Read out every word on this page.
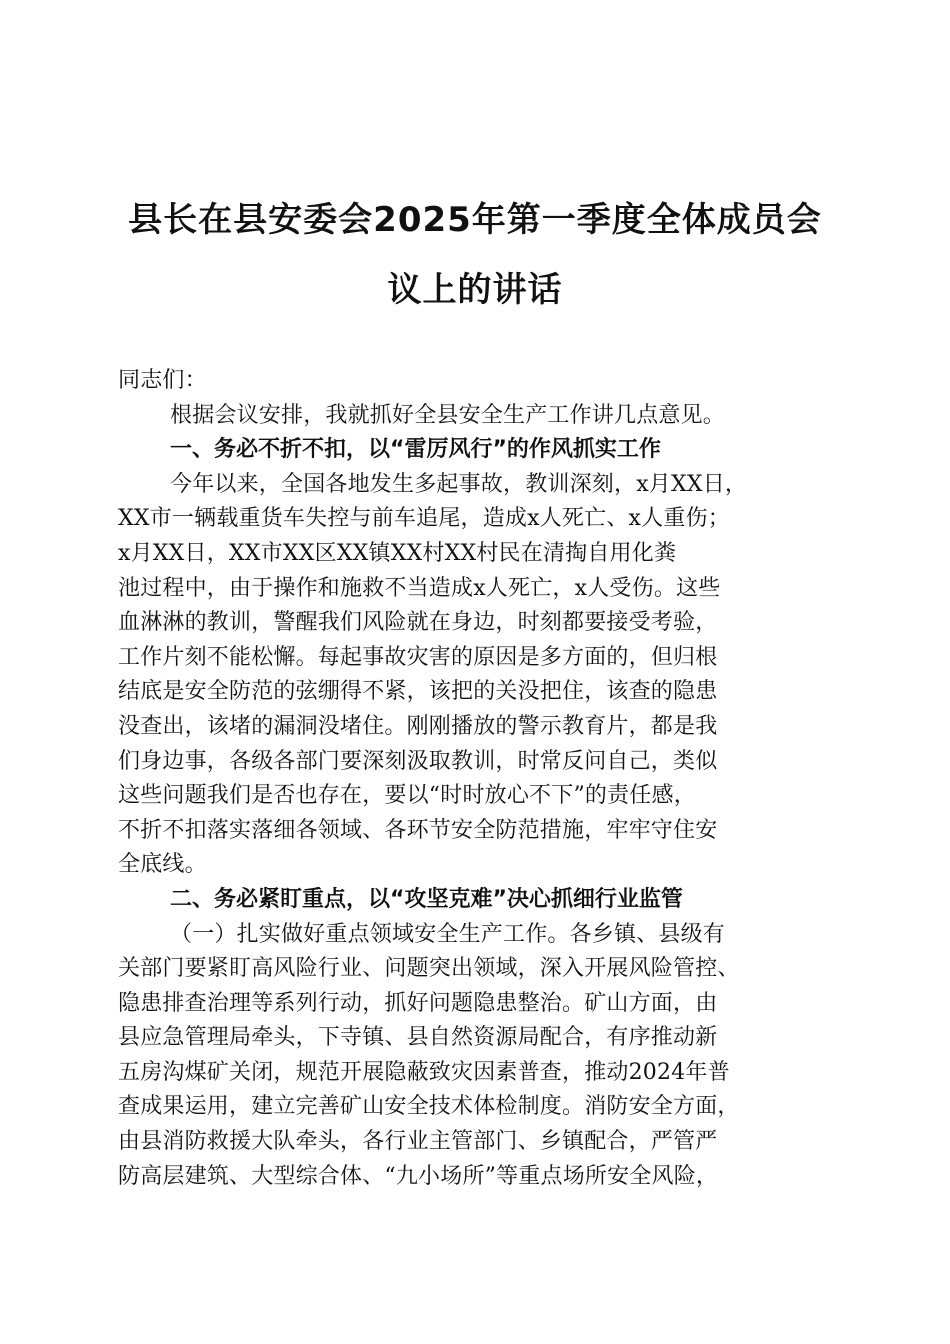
县长在县安委会2025年第一季度全体成员会
议上的讲话
同志们：
根据会议安排，我就抓好全县安全生产工作讲几点意见。
一、务必不折不扣，以“雷厉风行”的作风抓实工作
今年以来，全国各地发生多起事故，教训深刻，x月XX日，
XX市一辆载重货车失控与前车追尾，造成x人死亡、x人重伤；
x月XX日，XX市XX区XX镇XX村XX村民在清掏自用化粪
池过程中，由于操作和施救不当造成x人死亡，x人受伤。这些
血淋淋的教训，警醒我们风险就在身边，时刻都要接受考验，
工作片刻不能松懈。每起事故灾害的原因是多方面的，但归根
结底是安全防范的弦绷得不紧，该把的关没把住，该查的隐患
没查出，该堵的漏洞没堵住。刚刚播放的警示教育片，都是我
们身边事，各级各部门要深刻汲取教训，时常反问自己，类似
这些问题我们是否也存在，要以“时时放心不下”的责任感，
不折不扣落实落细各领域、各环节安全防范措施，牢牢守住安
全底线。
二、务必紧盯重点，以“攻坚克难”决心抓细行业监管
（一）扎实做好重点领域安全生产工作。各乡镇、县级有
关部门要紧盯高风险行业、问题突出领域，深入开展风险管控、
隐患排查治理等系列行动，抓好问题隐患整治。矿山方面，由
县应急管理局牵头，下寺镇、县自然资源局配合，有序推动新
五房沟煤矿关闭，规范开展隐蔽致灾因素普查，推动2024年普
查成果运用，建立完善矿山安全技术体检制度。消防安全方面，
由县消防救援大队牵头，各行业主管部门、乡镇配合，严管严
防高层建筑、大型综合体、“九小场所”等重点场所安全风险，
